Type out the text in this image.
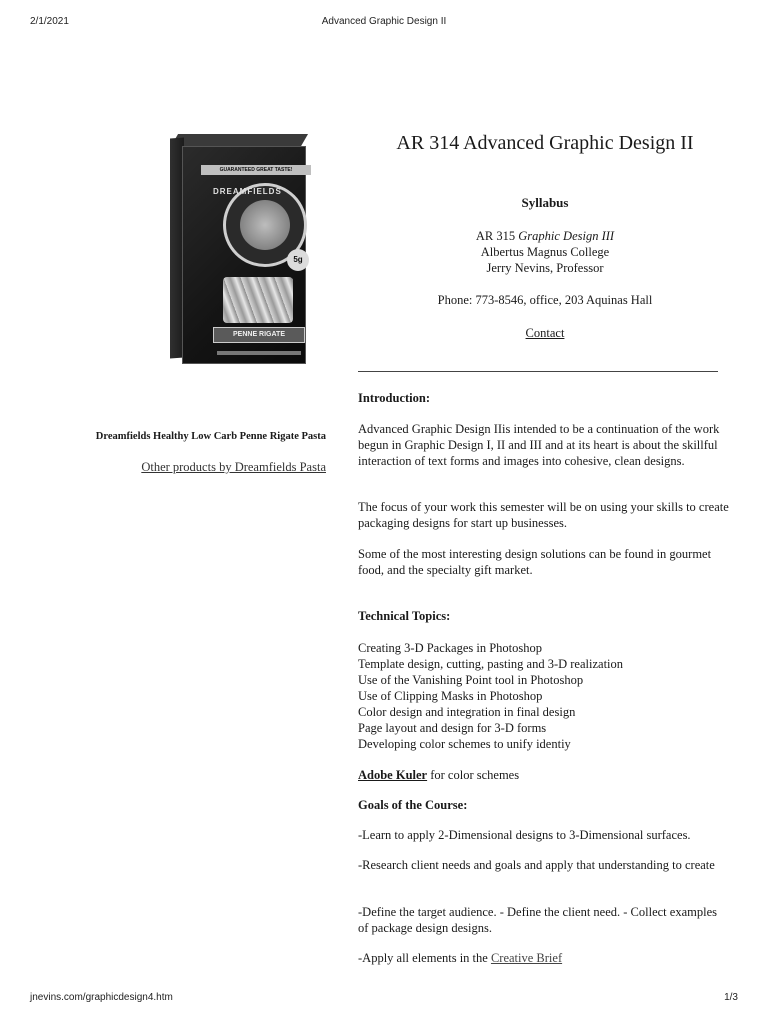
2/1/2021	Advanced Graphic Design II
GUARANTEED GREAT TASTE!
DREAMFIELDS
5g
PENNE RIGATE
Dreamfields Healthy Low Carb Penne Rigate Pasta
Other products by Dreamfields Pasta
AR 314 Advanced Graphic Design II
Syllabus
AR 315 Graphic Design III
Albertus Magnus College
Jerry Nevins, Professor
Phone: 773-8546, office, 203 Aquinas Hall
Contact
Introduction:
Advanced Graphic Design IIis intended to be a continuation of the work begun in Graphic Design I, II and III and at its heart is about the skillful interaction of text forms and images into cohesive, clean designs.
The focus of your work this semester will be on using your skills to create packaging designs for start up businesses.
Some of the most interesting design solutions can be found in gourmet food, and the specialty gift market.
Technical Topics:
Creating 3-D Packages in Photoshop
Template design, cutting, pasting and 3-D realization
Use of the Vanishing Point tool in Photoshop
Use of Clipping Masks in Photoshop
Color design and integration in final design
Page layout and design for 3-D forms
Developing color schemes to unify identiy
Adobe Kuler for color schemes
Goals of the Course:
-Learn to apply 2-Dimensional designs to 3-Dimensional surfaces.
-Research client needs and goals and apply that understanding to create
-Define the target audience. - Define the client need. - Collect examples of package design designs.
-Apply all elements in the Creative Brief
jnevins.com/graphicdesign4.htm	1/3
